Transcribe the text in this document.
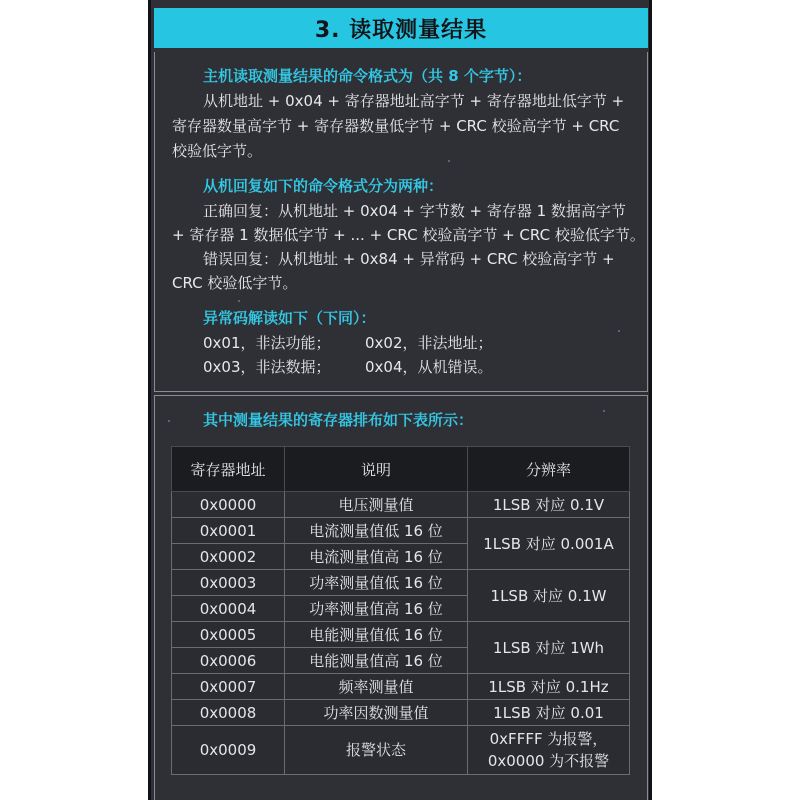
3. 读取测量结果
主机读取测量结果的命令格式为（共 8 个字节）：
从机地址 + 0x04 + 寄存器地址高字节 + 寄存器地址低字节 +
寄存器数量高字节 + 寄存器数量低字节 + CRC 校验高字节 + CRC
校验低字节。
从机回复如下的命令格式分为两种：
正确回复：从机地址 + 0x04 + 字节数 + 寄存器 1 数据高字节
+ 寄存器 1 数据低字节 + ... + CRC 校验高字节 + CRC 校验低字节。
错误回复：从机地址 + 0x84 + 异常码 + CRC 校验高字节 +
CRC 校验低字节。
异常码解读如下（下同）：
0x01，非法功能； 0x02，非法地址；
0x03，非法数据； 0x04，从机错误。
其中测量结果的寄存器排布如下表所示：
寄存器地址	说明	分辨率
0x0000	电压测量值	1LSB 对应 0.1V
0x0001	电流测量值低 16 位	1LSB 对应 0.001A
0x0002	电流测量值高 16 位	
0x0003	功率测量值低 16 位	1LSB 对应 0.1W
0x0004	功率测量值高 16 位	
0x0005	电能测量值低 16 位	1LSB 对应 1Wh
0x0006	电能测量值高 16 位	
0x0007	频率测量值	1LSB 对应 0.1Hz
0x0008	功率因数测量值	1LSB 对应 0.01
0x0009	报警状态	0xFFFF 为报警，
0x0000 为不报警
